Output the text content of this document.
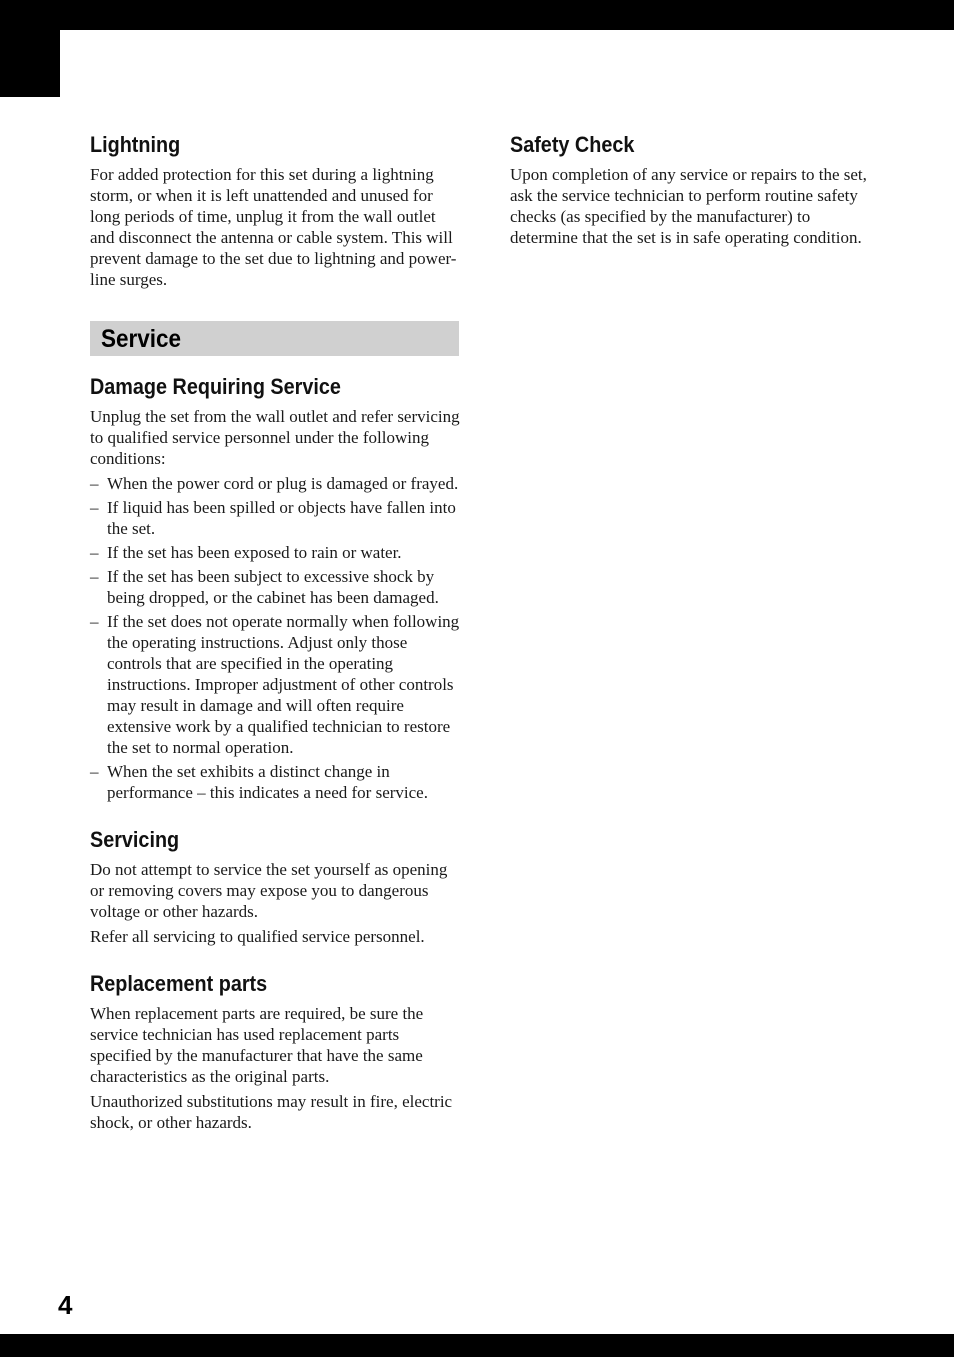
Lightning

For added protection for this set during a lightning storm, or when it is left unattended and unused for long periods of time, unplug it from the wall outlet and disconnect the antenna or cable system. This will prevent damage to the set due to lightning and power-line surges.

Service
Damage Requiring Service

Unplug the set from the wall outlet and refer servicing to qualified service personnel under the following conditions:

– When the power cord or plug is damaged or frayed.
– If liquid has been spilled or objects have fallen into the set.
– If the set has been exposed to rain or water.
– If the set has been subject to excessive shock by being dropped, or the cabinet has been damaged.
– If the set does not operate normally when following the operating instructions. Adjust only those controls that are specified in the operating instructions. Improper adjustment of other controls may result in damage and will often require extensive work by a qualified technician to restore the set to normal operation.
– When the set exhibits a distinct change in performance – this indicates a need for service.
Servicing

Do not attempt to service the set yourself as opening or removing covers may expose you to dangerous voltage or other hazards.

Refer all servicing to qualified service personnel.

Replacement parts

When replacement parts are required, be sure the service technician has used replacement parts specified by the manufacturer that have the same characteristics as the original parts.

Unauthorized substitutions may result in fire, electric shock, or other hazards.

Safety Check

Upon completion of any service or repairs to the set, ask the service technician to perform routine safety checks (as specified by the manufacturer) to determine that the set is in safe operating condition.

4
